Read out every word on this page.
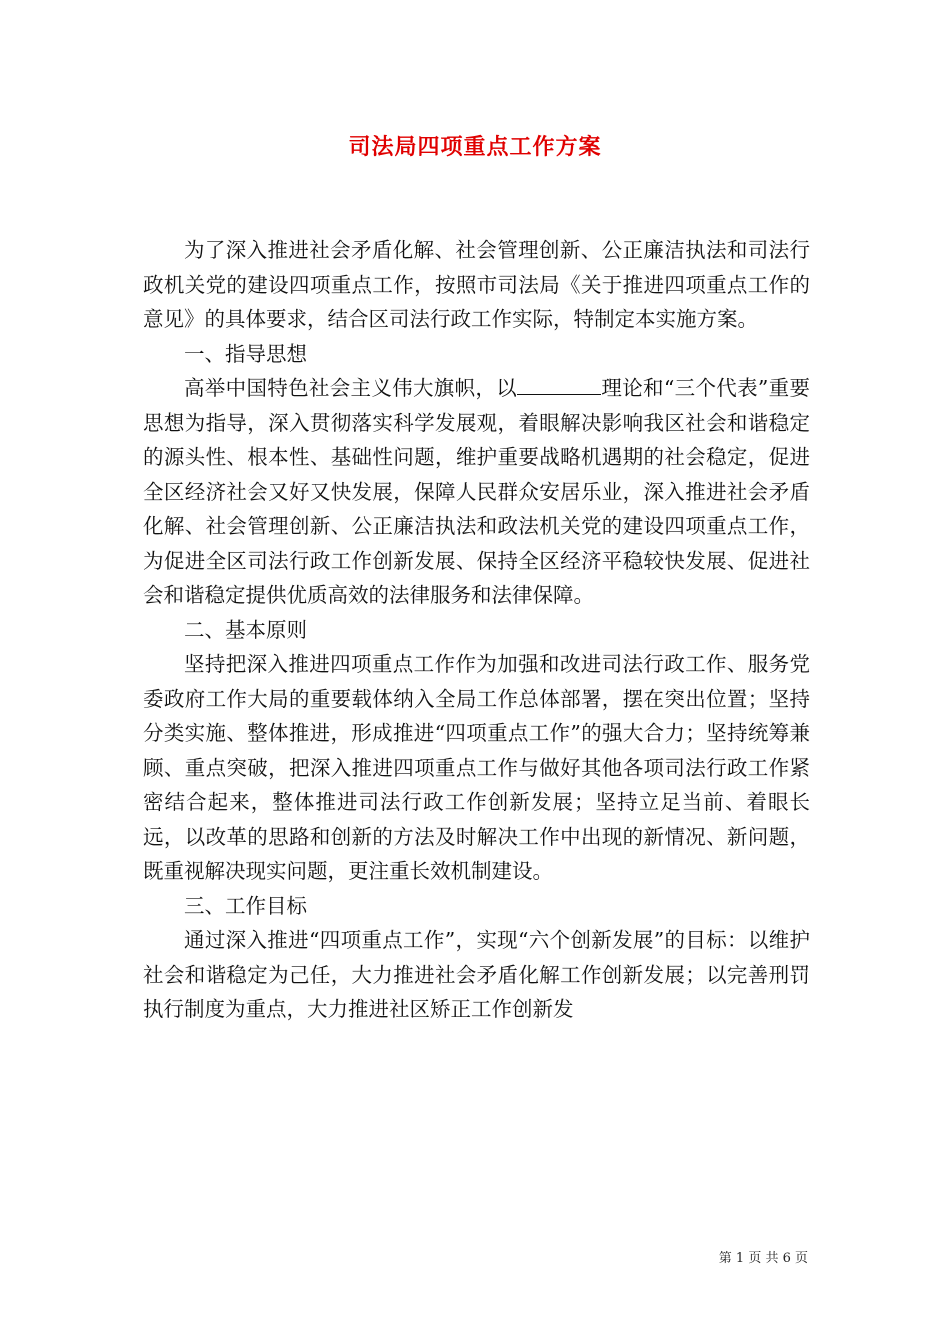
司法局四项重点工作方案

为了深入推进社会矛盾化解、社会管理创新、公正廉洁执法和司法行政机关党的建设四项重点工作，按照市司法局《关于推进四项重点工作的意见》的具体要求，结合区司法行政工作实际，特制定本实施方案。

一、指导思想

高举中国特色社会主义伟大旗帜，以	理论和“三个代表”重要思想为指导，深入贯彻落实科学发展观，着眼解决影响我区社会和谐稳定的源头性、根本性、基础性问题，维护重要战略机遇期的社会稳定，促进全区经济社会又好又快发展，保障人民群众安居乐业，深入推进社会矛盾化解、社会管理创新、公正廉洁执法和政法机关党的建设四项重点工作，为促进全区司法行政工作创新发展、保持全区经济平稳较快发展、促进社会和谐稳定提供优质高效的法律服务和法律保障。

二、基本原则

坚持把深入推进四项重点工作作为加强和改进司法行政工作、服务党委政府工作大局的重要载体纳入全局工作总体部署，摆在突出位置；坚持分类实施、整体推进，形成推进“四项重点工作”的强大合力；坚持统筹兼顾、重点突破，把深入推进四项重点工作与做好其他各项司法行政工作紧密结合起来，整体推进司法行政工作创新发展；坚持立足当前、着眼长远，以改革的思路和创新的方法及时解决工作中出现的新情况、新问题，既重视解决现实问题，更注重长效机制建设。

三、工作目标

通过深入推进“四项重点工作”，实现“六个创新发展”的目标：以维护社会和谐稳定为己任，大力推进社会矛盾化解工作创新发展；以完善刑罚执行制度为重点，大力推进社区矫正工作创新发

第 1 页 共 6 页
